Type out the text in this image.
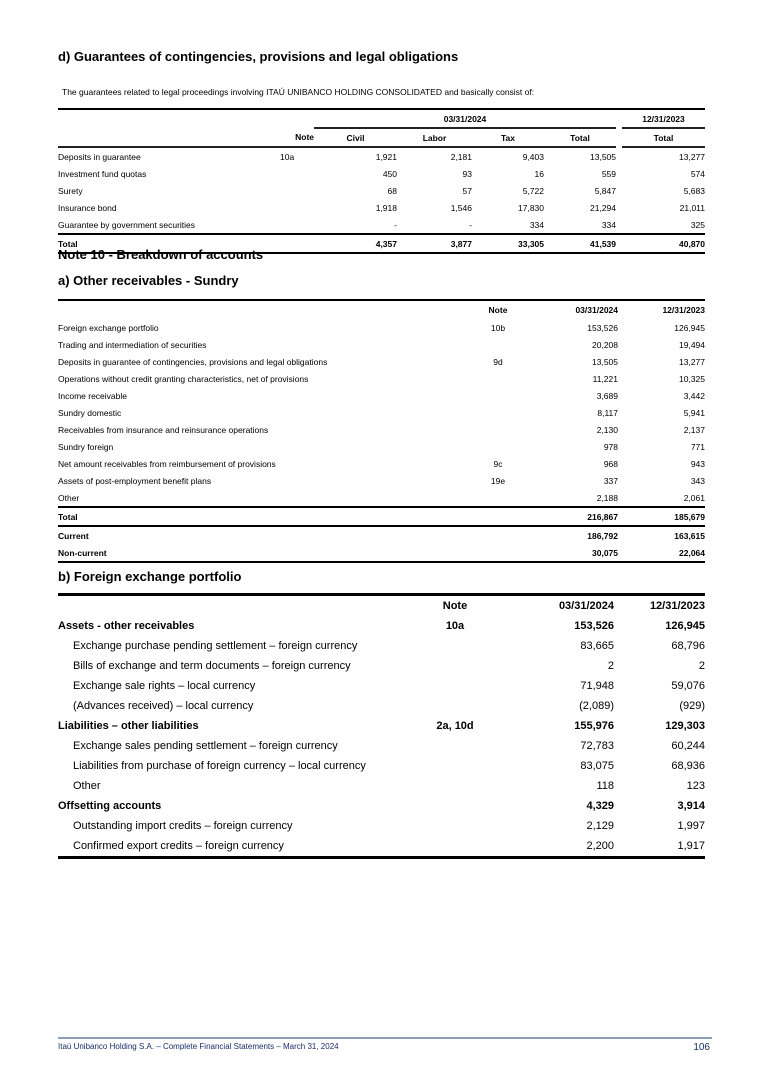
d) Guarantees of contingencies, provisions and legal obligations
The guarantees related to legal proceedings involving ITAÚ UNIBANCO HOLDING CONSOLIDATED and basically consist of:
		03/31/2024					12/31/2023
	Note	Civil	Labor	Tax	Total		Total
Deposits in guarantee	10a	1,921	2,181	9,403	13,505		13,277
Investment fund quotas		450	93	16	559		574
Surety		68	57	5,722	5,847		5,683
Insurance bond		1,918	1,546	17,830	21,294		21,011
Guarantee by government securities		-	-	334	334		325
Total		4,357	3,877	33,305	41,539		40,870
Note 10 - Breakdown of accounts
a) Other receivables - Sundry
	Note	03/31/2024	12/31/2023
Foreign exchange portfolio	10b	153,526	126,945
Trading and intermediation of securities		20,208	19,494
Deposits in guarantee of contingencies, provisions and legal obligations	9d	13,505	13,277
Operations without credit granting characteristics, net of provisions		11,221	10,325
Income receivable		3,689	3,442
Sundry domestic		8,117	5,941
Receivables from insurance and reinsurance operations		2,130	2,137
Sundry foreign		978	771
Net amount receivables from reimbursement of provisions	9c	968	943
Assets of post-employment benefit plans	19e	337	343
Other		2,188	2,061
Total		216,867	185,679
Current		186,792	163,615
Non-current		30,075	22,064
b) Foreign exchange portfolio
	Note	03/31/2024	12/31/2023
Assets - other receivables	10a	153,526	126,945
Exchange purchase pending settlement – foreign currency		83,665	68,796
Bills of exchange and term documents – foreign currency		2	2
Exchange sale rights – local currency		71,948	59,076
(Advances received) – local currency		(2,089)	(929)
Liabilities – other liabilities	2a, 10d	155,976	129,303
Exchange sales pending settlement – foreign currency		72,783	60,244
Liabilities from purchase of foreign currency – local currency		83,075	68,936
Other		118	123
Offsetting accounts		4,329	3,914
Outstanding import credits – foreign currency		2,129	1,997
Confirmed export credits – foreign currency		2,200	1,917
Itaú Unibanco Holding S.A. – Complete Financial Statements – March 31, 2024	106
